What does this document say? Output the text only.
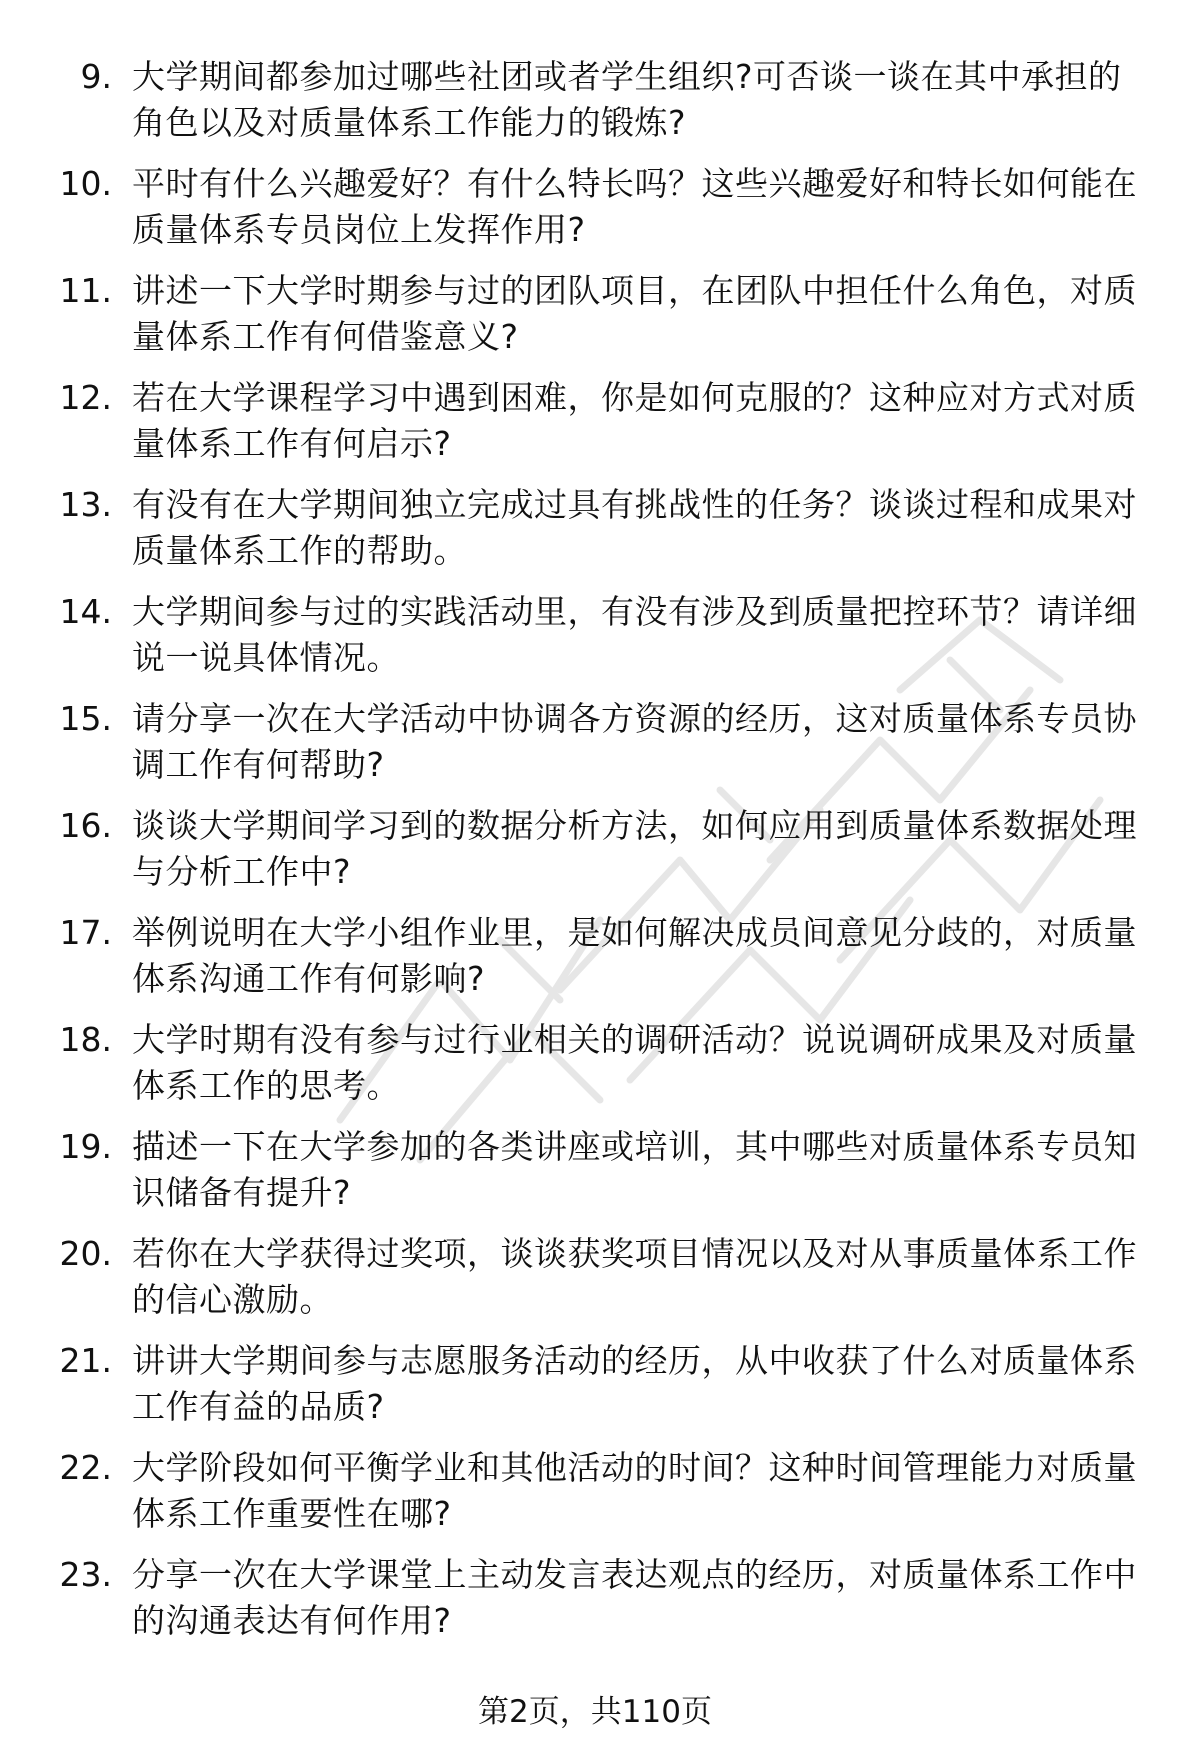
9. 大学期间都参加过哪些社团或者学生组织?可否谈一谈在其中承担的角色以及对质量体系工作能力的锻炼?
10. 平时有什么兴趣爱好？有什么特长吗？这些兴趣爱好和特长如何能在质量体系专员岗位上发挥作用?
11. 讲述一下大学时期参与过的团队项目，在团队中担任什么角色，对质量体系工作有何借鉴意义?
12. 若在大学课程学习中遇到困难，你是如何克服的？这种应对方式对质量体系工作有何启示?
13. 有没有在大学期间独立完成过具有挑战性的任务？谈谈过程和成果对质量体系工作的帮助。
14. 大学期间参与过的实践活动里，有没有涉及到质量把控环节？请详细说一说具体情况。
15. 请分享一次在大学活动中协调各方资源的经历，这对质量体系专员协调工作有何帮助?
16. 谈谈大学期间学习到的数据分析方法，如何应用到质量体系数据处理与分析工作中?
17. 举例说明在大学小组作业里，是如何解决成员间意见分歧的，对质量体系沟通工作有何影响?
18. 大学时期有没有参与过行业相关的调研活动？说说调研成果及对质量体系工作的思考。
19. 描述一下在大学参加的各类讲座或培训，其中哪些对质量体系专员知识储备有提升?
20. 若你在大学获得过奖项，谈谈获奖项目情况以及对从事质量体系工作的信心激励。
21. 讲讲大学期间参与志愿服务活动的经历，从中收获了什么对质量体系工作有益的品质?
22. 大学阶段如何平衡学业和其他活动的时间？这种时间管理能力对质量体系工作重要性在哪?
23. 分享一次在大学课堂上主动发言表达观点的经历，对质量体系工作中的沟通表达有何作用?
第2页，共110页
